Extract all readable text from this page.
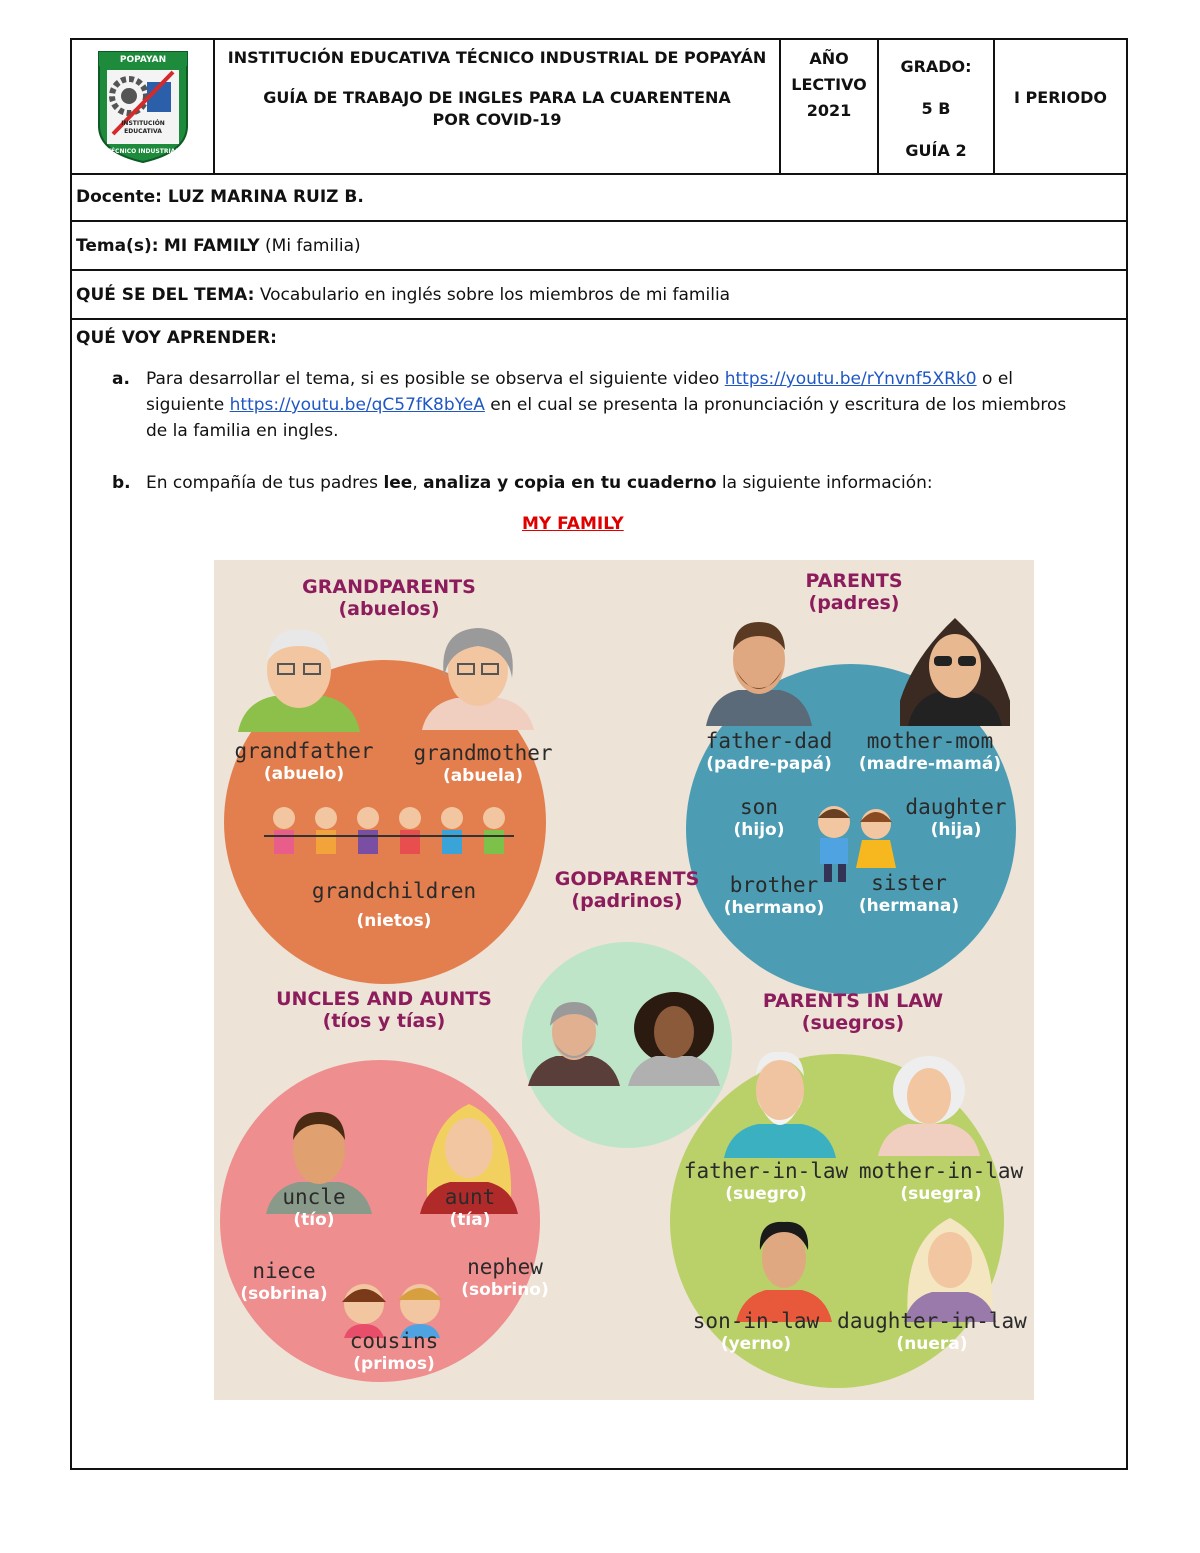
POPAYAN
INSTITUCIÓN
EDUCATIVA
TÉCNICO INDUSTRIAL
INSTITUCIÓN EDUCATIVA TÉCNICO INDUSTRIAL DE POPAYÁN
GUÍA DE TRABAJO DE INGLES PARA LA CUARENTENA POR COVID-19
AÑO
LECTIVO
2021
GRADO:
5 B
GUÍA 2
I PERIODO
Docente: LUZ MARINA RUIZ B.
Tema(s):
MI FAMILY
(Mi familia)
QUÉ SE DEL TEMA:
Vocabulario en inglés sobre los miembros de mi familia
QUÉ VOY APRENDER:
a. Para desarrollar el tema, si es posible se observa el siguiente video https://youtu.be/rYnvnf5XRk0 o el siguiente https://youtu.be/qC57fK8bYeA en el cual se presenta la pronunciación y escritura de los miembros de la familia en ingles.
b. En compañía de tus padres lee, analiza y copia en tu cuaderno la siguiente información:
MY FAMILY
GRANDPARENTS
(abuelos)
PARENTS
(padres)
GODPARENTS
(padrinos)
UNCLES AND AUNTS
(tíos y tías)
PARENTS IN LAW
(suegros)
grandfather
(abuelo)
grandmother
(abuela)
grandchildren
(nietos)
father-dad
(padre-papá)
mother-mom
(madre-mamá)
son
(hijo)
daughter
(hija)
brother
(hermano)
sister
(hermana)
uncle
(tío)
aunt
(tía)
niece
(sobrina)
nephew
(sobrino)
cousins
(primos)
father-in-law
(suegro)
mother-in-law
(suegra)
son-in-law
(yerno)
daughter-in-law
(nuera)
